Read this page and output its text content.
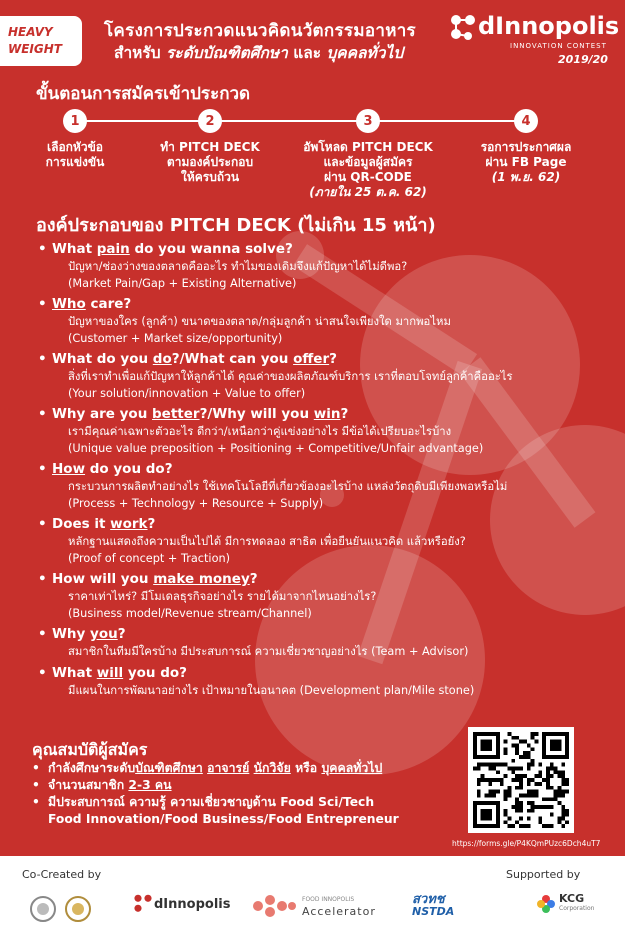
HEAVY
WEIGHT
โครงการประกวดแนวคิดนวัตกรรมอาหาร
สำหรับ ระดับบัณฑิตศึกษา และ บุคคลทั่วไป
dInnopolis
INNOVATION CONTEST
2019/20
ขั้นตอนการสมัครเข้าประกวด
1
เลือกหัวข้อ
การแข่งขัน
2
ทำ PITCH DECK
ตามองค์ประกอบ
ให้ครบถ้วน
3
อัพโหลด PITCH DECK
และข้อมูลผู้สมัคร
ผ่าน QR-CODE
(ภายใน 25 ต.ค. 62)
4
รอการประกาศผล
ผ่าน FB Page
(1 พ.ย. 62)
องค์ประกอบของ PITCH DECK (ไม่เกิน 15 หน้า)
• What pain do you wanna solve?
ปัญหา/ช่องว่างของตลาดคืออะไร ทำไมของเดิมจึงแก้ปัญหาได้ไม่ดีพอ?
(Market Pain/Gap + Existing Alternative)
• Who care?
ปัญหาของใคร (ลูกค้า) ขนาดของตลาด/กลุ่มลูกค้า น่าสนใจเพียงใด มากพอไหม
(Customer + Market size/opportunity)
• What do you do?/What can you offer?
สิ่งที่เราทำเพื่อแก้ปัญหาให้ลูกค้าได้ คุณค่าของผลิตภัณฑ์บริการ เราที่ตอบโจทย์ลูกค้าคืออะไร
(Your solution/innovation + Value to offer)
• Why are you better?/Why will you win?
เรามีคุณค่าเฉพาะตัวอะไร ดีกว่า/เหนือกว่าคู่แข่งอย่างไร มีข้อได้เปรียบอะไรบ้าง
(Unique value preposition + Positioning + Competitive/Unfair advantage)
• How do you do?
กระบวนการผลิตทำอย่างไร ใช้เทคโนโลยีที่เกี่ยวข้องอะไรบ้าง แหล่งวัตถุดิบมีเพียงพอหรือไม่
(Process + Technology + Resource + Supply)
• Does it work?
หลักฐานแสดงถึงความเป็นไปได้ มีการทดลอง สาธิต เพื่อยืนยันแนวคิด แล้วหรือยัง?
(Proof of concept + Traction)
• How will you make money?
ราคาเท่าไหร่? มีโมเดลธุรกิจอย่างไร รายได้มาจากไหนอย่างไร?
(Business model/Revenue stream/Channel)
• Why you?
สมาชิกในทีมมีใครบ้าง มีประสบการณ์ ความเชี่ยวชาญอย่างไร (Team + Advisor)
• What will you do?
มีแผนในการพัฒนาอย่างไร เป้าหมายในอนาคต (Development plan/Mile stone)
คุณสมบัติผู้สมัคร
• กำลังศึกษาระดับบัณฑิตศึกษา อาจารย์ นักวิจัย หรือ บุคคลทั่วไป
• จำนวนสมาชิก 2-3 คน
• มีประสบการณ์ ความรู้ ความเชี่ยวชาญด้าน Food Sci/Tech
Food Innovation/Food Business/Food Entrepreneur
https://forms.gle/P4KQmPUzc6Dch4uT7
Co-Created by	Supported by
dInnopolis	FOOD INNOPOLIS
Accelerator
สวทช
NSTDA
KCG
Corporation
